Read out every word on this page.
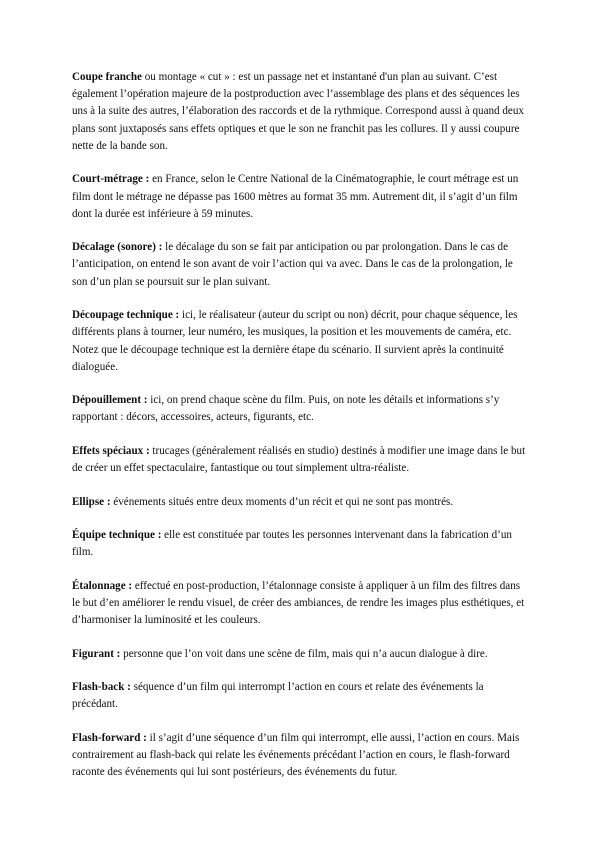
Coupe franche ou montage « cut » : est un passage net et instantané d'un plan au suivant. C’est également l’opération majeure de la postproduction avec l’assemblage des plans et des séquences les uns à la suite des autres, l’élaboration des raccords et de la rythmique. Correspond aussi à quand deux plans sont juxtaposés sans effets optiques et que le son ne franchit pas les collures. Il y aussi coupure nette de la bande son.

Court-métrage : en France, selon le Centre National de la Cinématographie, le court métrage est un film dont le métrage ne dépasse pas 1600 mètres au format 35 mm. Autrement dit, il s’agit d’un film dont la durée est inférieure à 59 minutes.

Décalage (sonore) : le décalage du son se fait par anticipation ou par prolongation. Dans le cas de l’anticipation, on entend le son avant de voir l’action qui va avec. Dans le cas de la prolongation, le son d’un plan se poursuit sur le plan suivant.

Découpage technique : ici, le réalisateur (auteur du script ou non) décrit, pour chaque séquence, les différents plans à tourner, leur numéro, les musiques, la position et les mouvements de caméra, etc. Notez que le découpage technique est la dernière étape du scénario. Il survient après la continuité dialoguée.

Dépouillement : ici, on prend chaque scène du film. Puis, on note les détails et informations s’y rapportant : décors, accessoires, acteurs, figurants, etc.

Effets spéciaux : trucages (généralement réalisés en studio) destinés à modifier une image dans le but de créer un effet spectaculaire, fantastique ou tout simplement ultra-réaliste.

Ellipse : événements situés entre deux moments d’un récit et qui ne sont pas montrés.

Équipe technique : elle est constituée par toutes les personnes intervenant dans la fabrication d’un film.

Étalonnage : effectué en post-production, l’étalonnage consiste à appliquer à un film des filtres dans le but d’en améliorer le rendu visuel, de créer des ambiances, de rendre les images plus esthétiques, et d’harmoniser la luminosité et les couleurs.

Figurant : personne que l’on voit dans une scène de film, mais qui n’a aucun dialogue à dire.

Flash-back : séquence d’un film qui interrompt l’action en cours et relate des événements la précédant.

Flash-forward : il s’agit d’une séquence d’un film qui interrompt, elle aussi, l’action en cours. Mais contrairement au flash-back qui relate les événements précédant l’action en cours, le flash-forward raconte des événements qui lui sont postérieurs, des événements du futur.
